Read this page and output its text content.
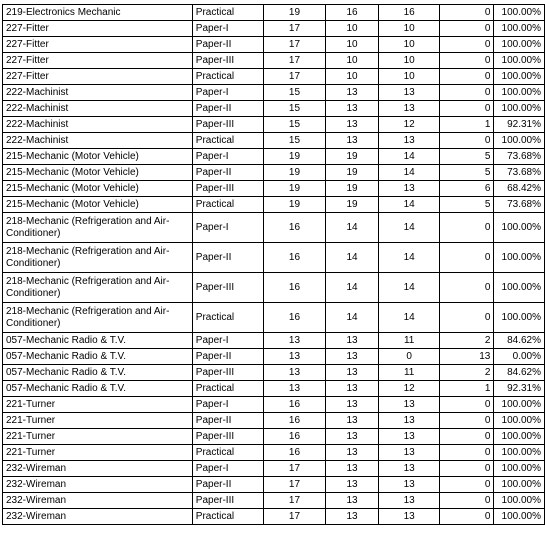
219-Electronics Mechanic	Practical	19	16	16	0	100.00%
227-Fitter	Paper-I	17	10	10	0	100.00%
227-Fitter	Paper-II	17	10	10	0	100.00%
227-Fitter	Paper-III	17	10	10	0	100.00%
227-Fitter	Practical	17	10	10	0	100.00%
222-Machinist	Paper-I	15	13	13	0	100.00%
222-Machinist	Paper-II	15	13	13	0	100.00%
222-Machinist	Paper-III	15	13	12	1	92.31%
222-Machinist	Practical	15	13	13	0	100.00%
215-Mechanic (Motor Vehicle)	Paper-I	19	19	14	5	73.68%
215-Mechanic (Motor Vehicle)	Paper-II	19	19	14	5	73.68%
215-Mechanic (Motor Vehicle)	Paper-III	19	19	13	6	68.42%
215-Mechanic (Motor Vehicle)	Practical	19	19	14	5	73.68%
218-Mechanic (Refrigeration and Air-Conditioner)	Paper-I	16	14	14	0	100.00%
218-Mechanic (Refrigeration and Air-Conditioner)	Paper-II	16	14	14	0	100.00%
218-Mechanic (Refrigeration and Air-Conditioner)	Paper-III	16	14	14	0	100.00%
218-Mechanic (Refrigeration and Air-Conditioner)	Practical	16	14	14	0	100.00%
057-Mechanic Radio & T.V.	Paper-I	13	13	11	2	84.62%
057-Mechanic Radio & T.V.	Paper-II	13	13	0	13	0.00%
057-Mechanic Radio & T.V.	Paper-III	13	13	11	2	84.62%
057-Mechanic Radio & T.V.	Practical	13	13	12	1	92.31%
221-Turner	Paper-I	16	13	13	0	100.00%
221-Turner	Paper-II	16	13	13	0	100.00%
221-Turner	Paper-III	16	13	13	0	100.00%
221-Turner	Practical	16	13	13	0	100.00%
232-Wireman	Paper-I	17	13	13	0	100.00%
232-Wireman	Paper-II	17	13	13	0	100.00%
232-Wireman	Paper-III	17	13	13	0	100.00%
232-Wireman	Practical	17	13	13	0	100.00%
